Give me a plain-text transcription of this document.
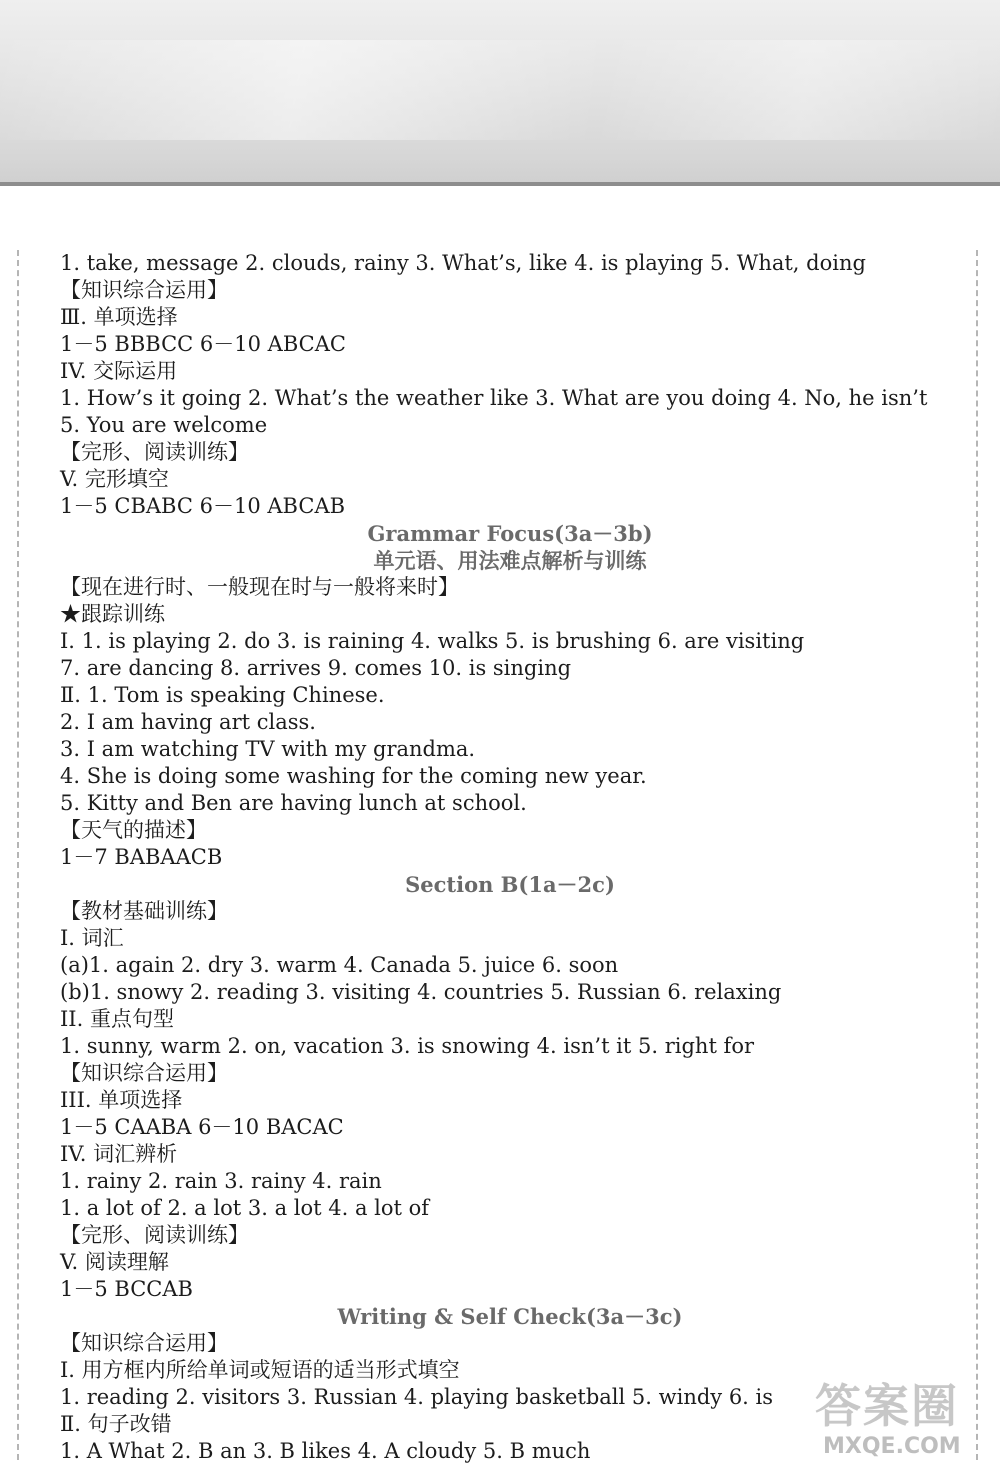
1. take, message 2. clouds, rainy 3. What’s, like 4. is playing 5. What, doing
【知识综合运用】
Ⅲ. 单项选择
1－5 BBBCC 6－10 ABCAC
IV. 交际运用
1. How’s it going 2. What’s the weather like 3. What are you doing 4. No, he isn’t
5. You are welcome
【完形、阅读训练】
V. 完形填空
1－5 CBABC 6－10 ABCAB
Grammar Focus(3a－3b)
单元语、用法难点解析与训练
【现在进行时、一般现在时与一般将来时】
★跟踪训练
Ⅰ. 1. is playing 2. do 3. is raining 4. walks 5. is brushing 6. are visiting
7. are dancing 8. arrives 9. comes 10. is singing
Ⅱ. 1. Tom is speaking Chinese.
2. I am having art class.
3. I am watching TV with my grandma.
4. She is doing some washing for the coming new year.
5. Kitty and Ben are having lunch at school.
【天气的描述】
1－7 BABAACB
Section B(1a－2c)
【教材基础训练】
Ⅰ. 词汇
(a)1. again 2. dry 3. warm 4. Canada 5. juice 6. soon
(b)1. snowy 2. reading 3. visiting 4. countries 5. Russian 6. relaxing
II. 重点句型
1. sunny, warm 2. on, vacation 3. is snowing 4. isn’t it 5. right for
【知识综合运用】
III. 单项选择
1－5 CAABA 6－10 BACAC
IV. 词汇辨析
1. rainy 2. rain 3. rainy 4. rain
1. a lot of 2. a lot 3. a lot 4. a lot of
【完形、阅读训练】
V. 阅读理解
1－5 BCCAB
Writing & Self Check(3a－3c)
【知识综合运用】
Ⅰ. 用方框内所给单词或短语的适当形式填空
1. reading 2. visitors 3. Russian 4. playing basketball 5. windy 6. is
Ⅱ. 句子改错
1. A What 2. B an 3. B likes 4. A cloudy 5. B much
答案圈
MXQE.COM
